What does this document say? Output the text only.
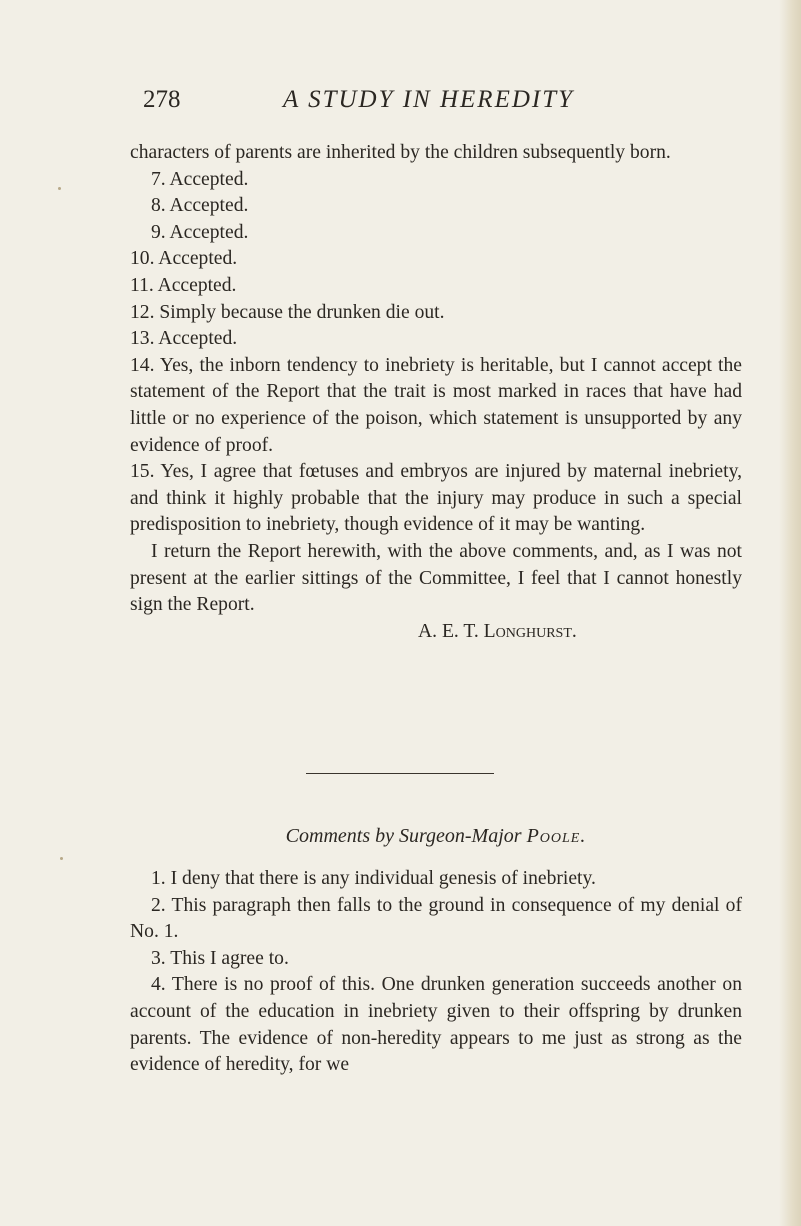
278	A STUDY IN HEREDITY

characters of parents are inherited by the children subsequently born.

7. Accepted.

8. Accepted.

9. Accepted.

10. Accepted.

11. Accepted.

12. Simply because the drunken die out.

13. Accepted.

14. Yes, the inborn tendency to inebriety is heritable, but I cannot accept the statement of the Report that the trait is most marked in races that have had little or no experience of the poison, which statement is unsupported by any evidence of proof.

15. Yes, I agree that fœtuses and embryos are injured by maternal inebriety, and think it highly probable that the injury may produce in such a special predisposition to inebriety, though evidence of it may be wanting.

I return the Report herewith, with the above comments, and, as I was not present at the earlier sittings of the Committee, I feel that I cannot honestly sign the Report.

A. E. T. Longhurst.

Comments by Surgeon-Major Poole.

1. I deny that there is any individual genesis of inebriety.

2. This paragraph then falls to the ground in consequence of my denial of No. 1.

3. This I agree to.

4. There is no proof of this. One drunken generation succeeds another on account of the education in inebriety given to their offspring by drunken parents. The evidence of non-heredity appears to me just as strong as the evidence of heredity, for we
